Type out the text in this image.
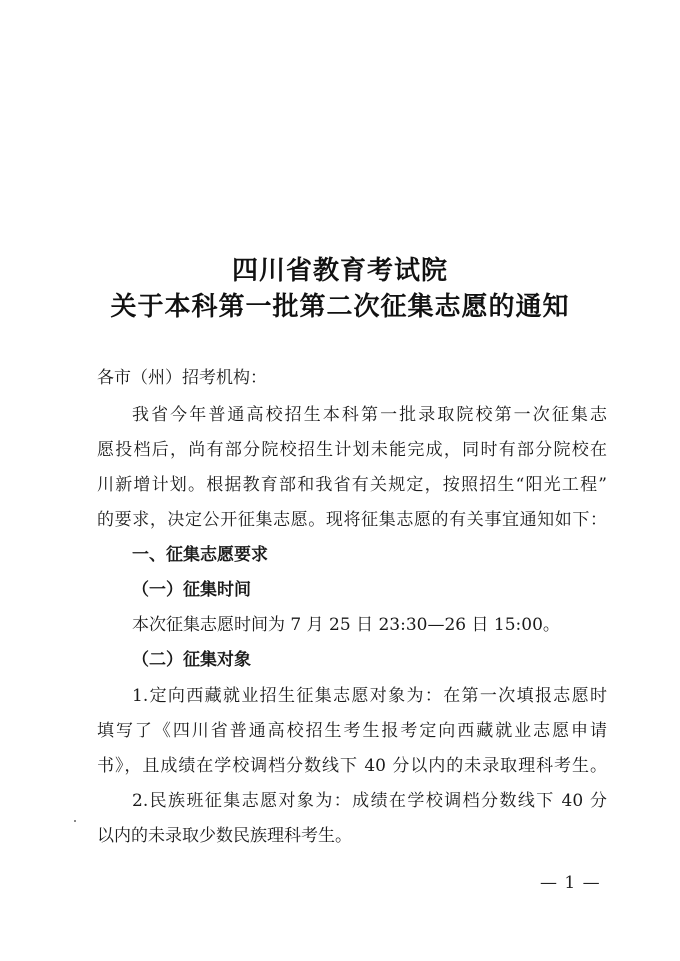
四川省教育考试院
关于本科第一批第二次征集志愿的通知
各市（州）招考机构：
我省今年普通高校招生本科第一批录取院校第一次征集志
愿投档后，尚有部分院校招生计划未能完成，同时有部分院校在
川新增计划。根据教育部和我省有关规定，按照招生“阳光工程”
的要求，决定公开征集志愿。现将征集志愿的有关事宜通知如下：
一、征集志愿要求
（一）征集时间
本次征集志愿时间为 7 月 25 日 23:30—26 日 15:00。
（二）征集对象
1.定向西藏就业招生征集志愿对象为：在第一次填报志愿时
填写了《四川省普通高校招生考生报考定向西藏就业志愿申请
书》，且成绩在学校调档分数线下 40 分以内的未录取理科考生。
2.民族班征集志愿对象为：成绩在学校调档分数线下 40 分
以内的未录取少数民族理科考生。
— 1 —
